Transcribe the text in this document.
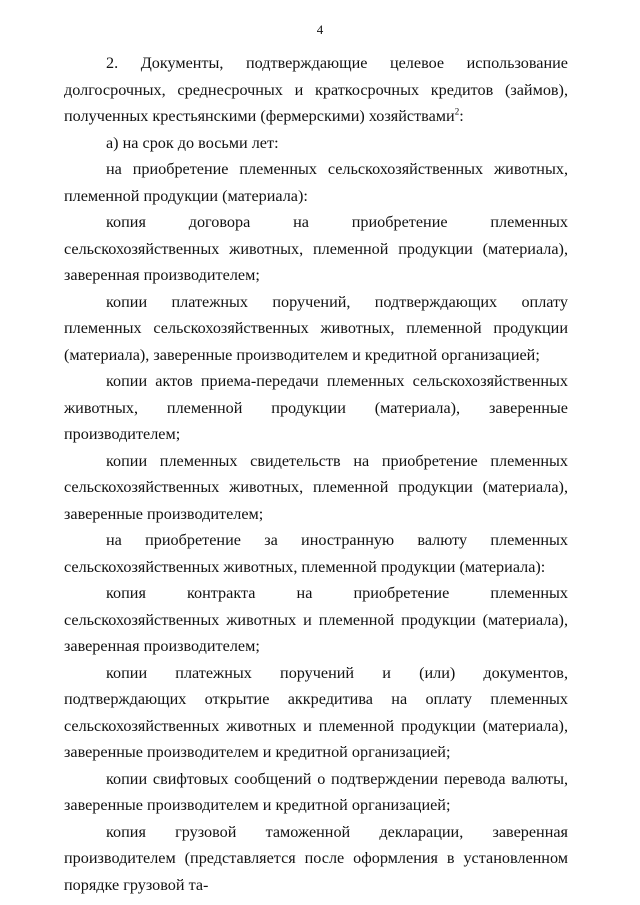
4

2. Документы, подтверждающие целевое использование долгосрочных, среднесрочных и краткосрочных кредитов (займов), полученных крестьянскими (фермерскими) хозяйствами$^2$:

а) на срок до восьми лет:

на приобретение племенных сельскохозяйственных животных, племенной продукции (материала):

копия договора на приобретение племенных сельскохозяйственных животных, племенной продукции (материала), заверенная производителем;

копии платежных поручений, подтверждающих оплату племенных сельскохозяйственных животных, племенной продукции (материала), заверенные производителем и кредитной организацией;

копии актов приема-передачи племенных сельскохозяйственных животных, племенной продукции (материала), заверенные производителем;

копии племенных свидетельств на приобретение племенных сельскохозяйственных животных, племенной продукции (материала), заверенные производителем;

на приобретение за иностранную валюту племенных сельскохозяйственных животных, племенной продукции (материала):

копия контракта на приобретение племенных сельскохозяйственных животных и племенной продукции (материала), заверенная производителем;

копии платежных поручений и (или) документов, подтверждающих открытие аккредитива на оплату племенных сельскохозяйственных животных и племенной продукции (материала), заверенные производителем и кредитной организацией;

копии свифтовых сообщений о подтверждении перевода валюты, заверенные производителем и кредитной организацией;

копия грузовой таможенной декларации, заверенная производителем (представляется после оформления в установленном порядке грузовой та-
